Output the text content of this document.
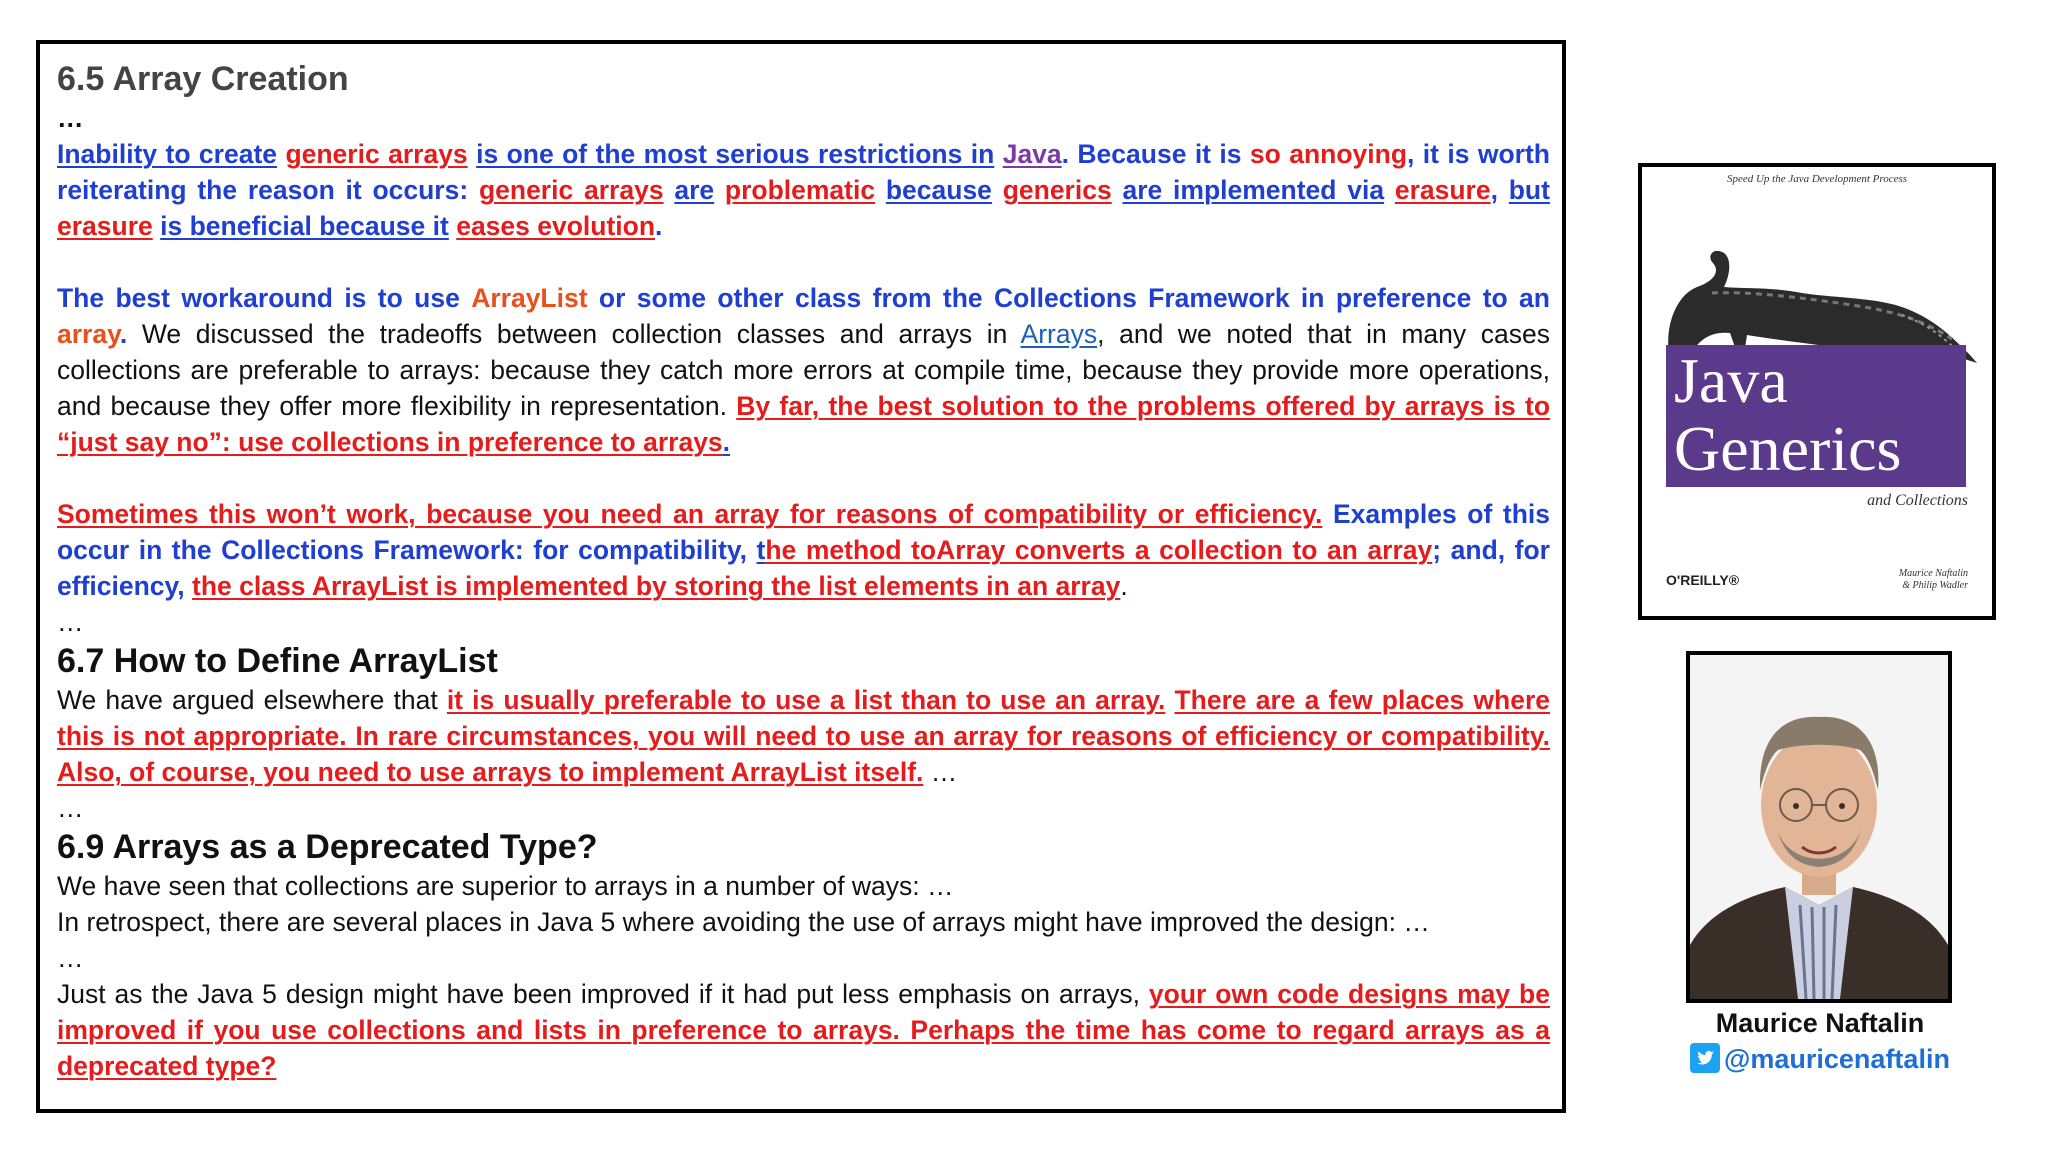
6.5 Array Creation
…

Inability to create generic arrays is one of the most serious restrictions in Java. Because it is so annoying, it is worth reiterating the reason it occurs: generic arrays are problematic because generics are implemented via erasure, but erasure is beneficial because it eases evolution.

The best workaround is to use ArrayList or some other class from the Collections Framework in preference to an array. We discussed the tradeoffs between collection classes and arrays in Arrays, and we noted that in many cases collections are preferable to arrays: because they catch more errors at compile time, because they provide more operations, and because they offer more flexibility in representation. By far, the best solution to the problems offered by arrays is to “just say no”: use collections in preference to arrays.

Sometimes this won’t work, because you need an array for reasons of compatibility or efficiency. Examples of this occur in the Collections Framework: for compatibility, the method toArray converts a collection to an array; and, for efficiency, the class ArrayList is implemented by storing the list elements in an array.

…
6.7 How to Define ArrayList

We have argued elsewhere that it is usually preferable to use a list than to use an array. There are a few places where this is not appropriate. In rare circumstances, you will need to use an array for reasons of efficiency or compatibility. Also, of course, you need to use arrays to implement ArrayList itself. …

…
6.9 Arrays as a Deprecated Type?
We have seen that collections are superior to arrays in a number of ways: …
In retrospect, there are several places in Java 5 where avoiding the use of arrays might have improved the design: …
…

Just as the Java 5 design might have been improved if it had put less emphasis on arrays, your own code designs may be improved if you use collections and lists in preference to arrays. Perhaps the time has come to regard arrays as a deprecated type?

Speed Up the Java Development Process
Java
Generics
and Collections
O'REILLY®	Maurice Naftalin
& Philip Wadler
Maurice Naftalin
@mauricenaftalin
